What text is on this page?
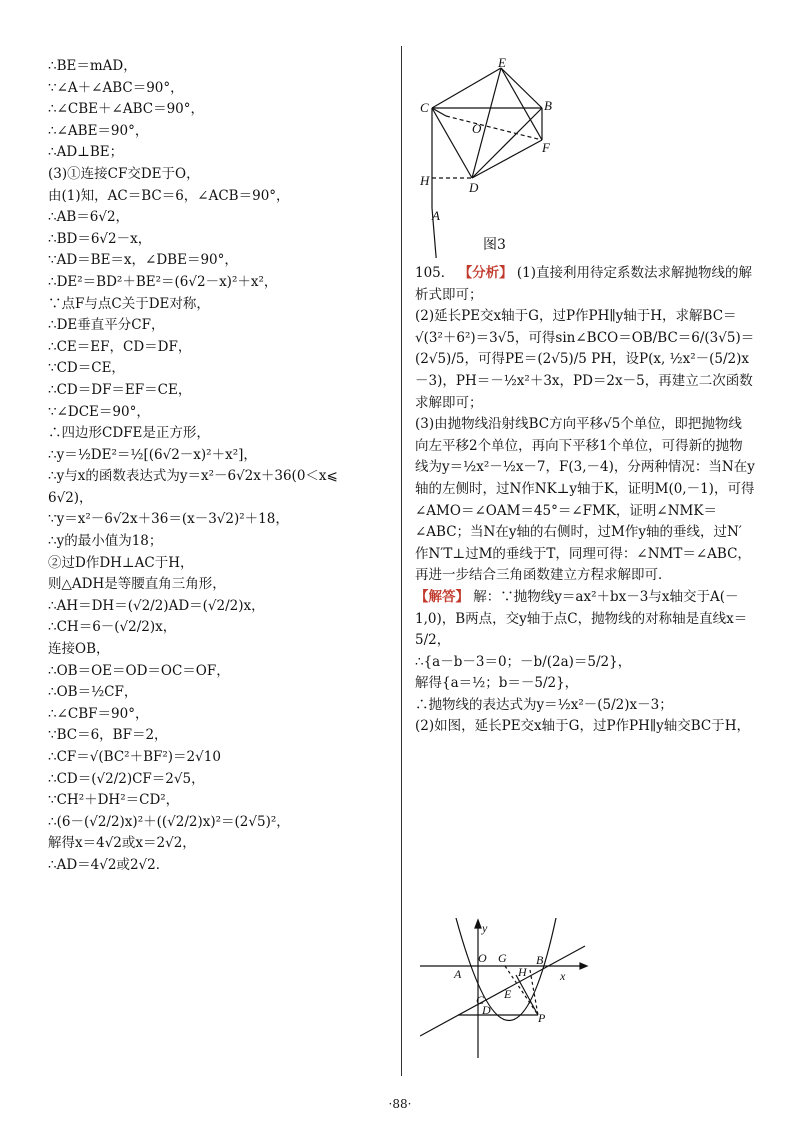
∴BE＝mAD，
∵∠A＋∠ABC＝90°，
∴∠CBE＋∠ABC＝90°，
∴∠ABE＝90°，
∴AD⊥BE；
(3)①连接CF交DE于O，
由(1)知，AC＝BC＝6，∠ACB＝90°，
∴AB＝6√2，
∴BD＝6√2－x，
∵AD＝BE＝x，∠DBE＝90°，
∴DE²＝BD²＋BE²＝(6√2－x)²＋x²，
∵点F与点C关于DE对称，
∴DE垂直平分CF，
∴CE＝EF，CD＝DF，
∵CD＝CE，
∴CD＝DF＝EF＝CE，
∵∠DCE＝90°，
∴四边形CDFE是正方形，
∴y＝½DE²＝½[(6√2－x)²＋x²]，
∴y与x的函数表达式为y＝x²－6√2x＋36(0＜x⩽
6√2)，
∵y＝x²－6√2x＋36＝(x－3√2)²＋18，
∴y的最小值为18；
②过D作DH⊥AC于H，
则△ADH是等腰直角三角形，
∴AH＝DH＝(√2/2)AD＝(√2/2)x，
∴CH＝6－(√2/2)x，
连接OB，
∴OB＝OE＝OD＝OC＝OF，
∴OB＝½CF，
∴∠CBF＝90°，
∵BC＝6，BF＝2，
∴CF＝√(BC²＋BF²)＝2√10
∴CD＝(√2/2)CF＝2√5，
∵CH²＋DH²＝CD²，
∴(6－(√2/2)x)²＋((√2/2)x)²＝(2√5)²，
解得x＝4√2或x＝2√2，
∴AD＝4√2或2√2．
E
C	B
O
F
H	D
A
图3
105． 【分析】 (1)直接利用待定系数法求解抛物线的解析式即可；
(2)延长PE交x轴于G，过P作PH∥y轴于H，求解BC＝√(3²＋6²)＝3√5，可得sin∠BCO＝OB/BC＝6/(3√5)＝(2√5)/5，可得PE＝(2√5)/5 PH，设P(x, ½x²－(5/2)x－3)，PH＝－½x²＋3x，PD＝2x－5，再建立二次函数求解即可；
(3)由抛物线沿射线BC方向平移√5个单位，即把抛物线向左平移2个单位，再向下平移1个单位，可得新的抛物线为y＝½x²－½x－7，F(3,－4)，分两种情况：当N在y轴的左侧时，过N作NK⊥y轴于K，证明M(0,－1)，可得∠AMO＝∠OAM＝45°＝∠FMK，证明∠NMK＝∠ABC；当N在y轴的右侧时，过M作y轴的垂线，过N′作N′T⊥过M的垂线于T，同理可得：∠NMT＝∠ABC，再进一步结合三角函数建立方程求解即可．
【解答】 解：∵抛物线y＝ax²＋bx－3与x轴交于A(－1,0)，B两点，交y轴于点C，抛物线的对称轴是直线x＝5/2，
∴{a－b－3＝0；－b/(2a)＝5/2}，
解得{a＝½；b＝－5/2}，
∴抛物线的表达式为y＝½x²－(5/2)x－3；
(2)如图，延长PE交x轴于G，过P作PH∥y轴交BC于H，
y
O G
H
B
x
A
E
C
D
P
·88·
